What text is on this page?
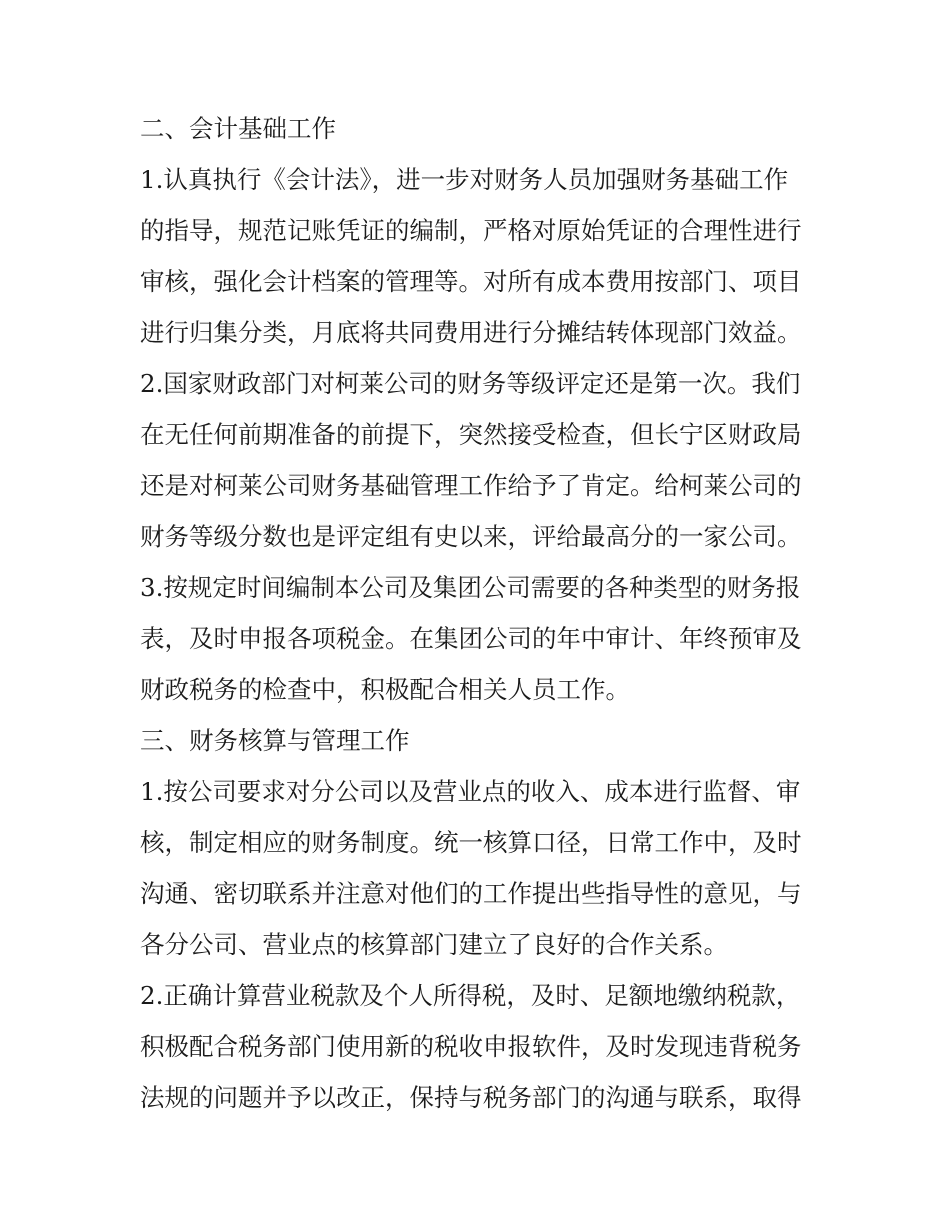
二、会计基础工作
1.认真执行《会计法》，进一步对财务人员加强财务基础工作
的指导，规范记账凭证的编制，严格对原始凭证的合理性进行
审核，强化会计档案的管理等。对所有成本费用按部门、项目
进行归集分类，月底将共同费用进行分摊结转体现部门效益。
2.国家财政部门对柯莱公司的财务等级评定还是第一次。我们
在无任何前期准备的前提下，突然接受检查，但长宁区财政局
还是对柯莱公司财务基础管理工作给予了肯定。给柯莱公司的
财务等级分数也是评定组有史以来，评给最高分的一家公司。
3.按规定时间编制本公司及集团公司需要的各种类型的财务报
表，及时申报各项税金。在集团公司的年中审计、年终预审及
财政税务的检查中，积极配合相关人员工作。
三、财务核算与管理工作
1.按公司要求对分公司以及营业点的收入、成本进行监督、审
核，制定相应的财务制度。统一核算口径，日常工作中，及时
沟通、密切联系并注意对他们的工作提出些指导性的意见，与
各分公司、营业点的核算部门建立了良好的合作关系。
2.正确计算营业税款及个人所得税，及时、足额地缴纳税款，
积极配合税务部门使用新的税收申报软件，及时发现违背税务
法规的问题并予以改正，保持与税务部门的沟通与联系，取得
